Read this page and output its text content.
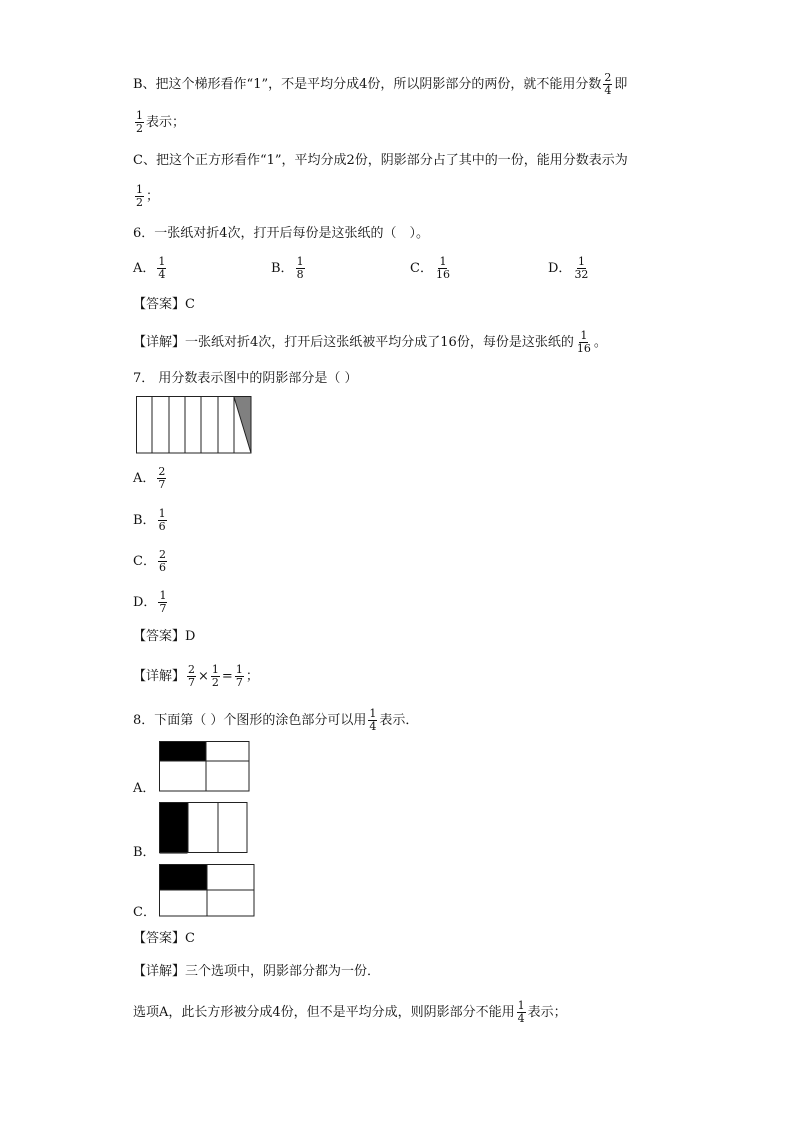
B、把这个梯形看作“1”，不是平均分成4份，所以阴影部分的两份，就不能用分数 $\frac{2}{4}$ 即
$\frac{1}{2}$ 表示；
C、把这个正方形看作“1”，平均分成2份，阴影部分占了其中的一份，能用分数表示为
$\frac{1}{2}$ ；
6．一张纸对折4次，打开后每份是这张纸的（　）。
A． $\frac{1}{4}$	B． $\frac{1}{8}$	C． $\frac{1}{16}$	D． $\frac{1}{32}$
【答案】C
【详解】一张纸对折4次，打开后这张纸被平均分成了16份，每份是这张纸的 $\frac{1}{16}$ 。
7． 用分数表示图中的阴影部分是（ ）
A． $\frac{2}{7}$
B． $\frac{1}{6}$
C． $\frac{2}{6}$
D． $\frac{1}{7}$
【答案】D
【详解】 $\frac{2}{7} \times \frac{1}{2} = \frac{1}{7}$ ；
8．下面第（ ）个图形的涂色部分可以用 $\frac{1}{4}$ 表示．
A．
B．
C．
【答案】C
【详解】三个选项中，阴影部分都为一份．
选项A，此长方形被分成4份，但不是平均分成，则阴影部分不能用 $\frac{1}{4}$ 表示；
